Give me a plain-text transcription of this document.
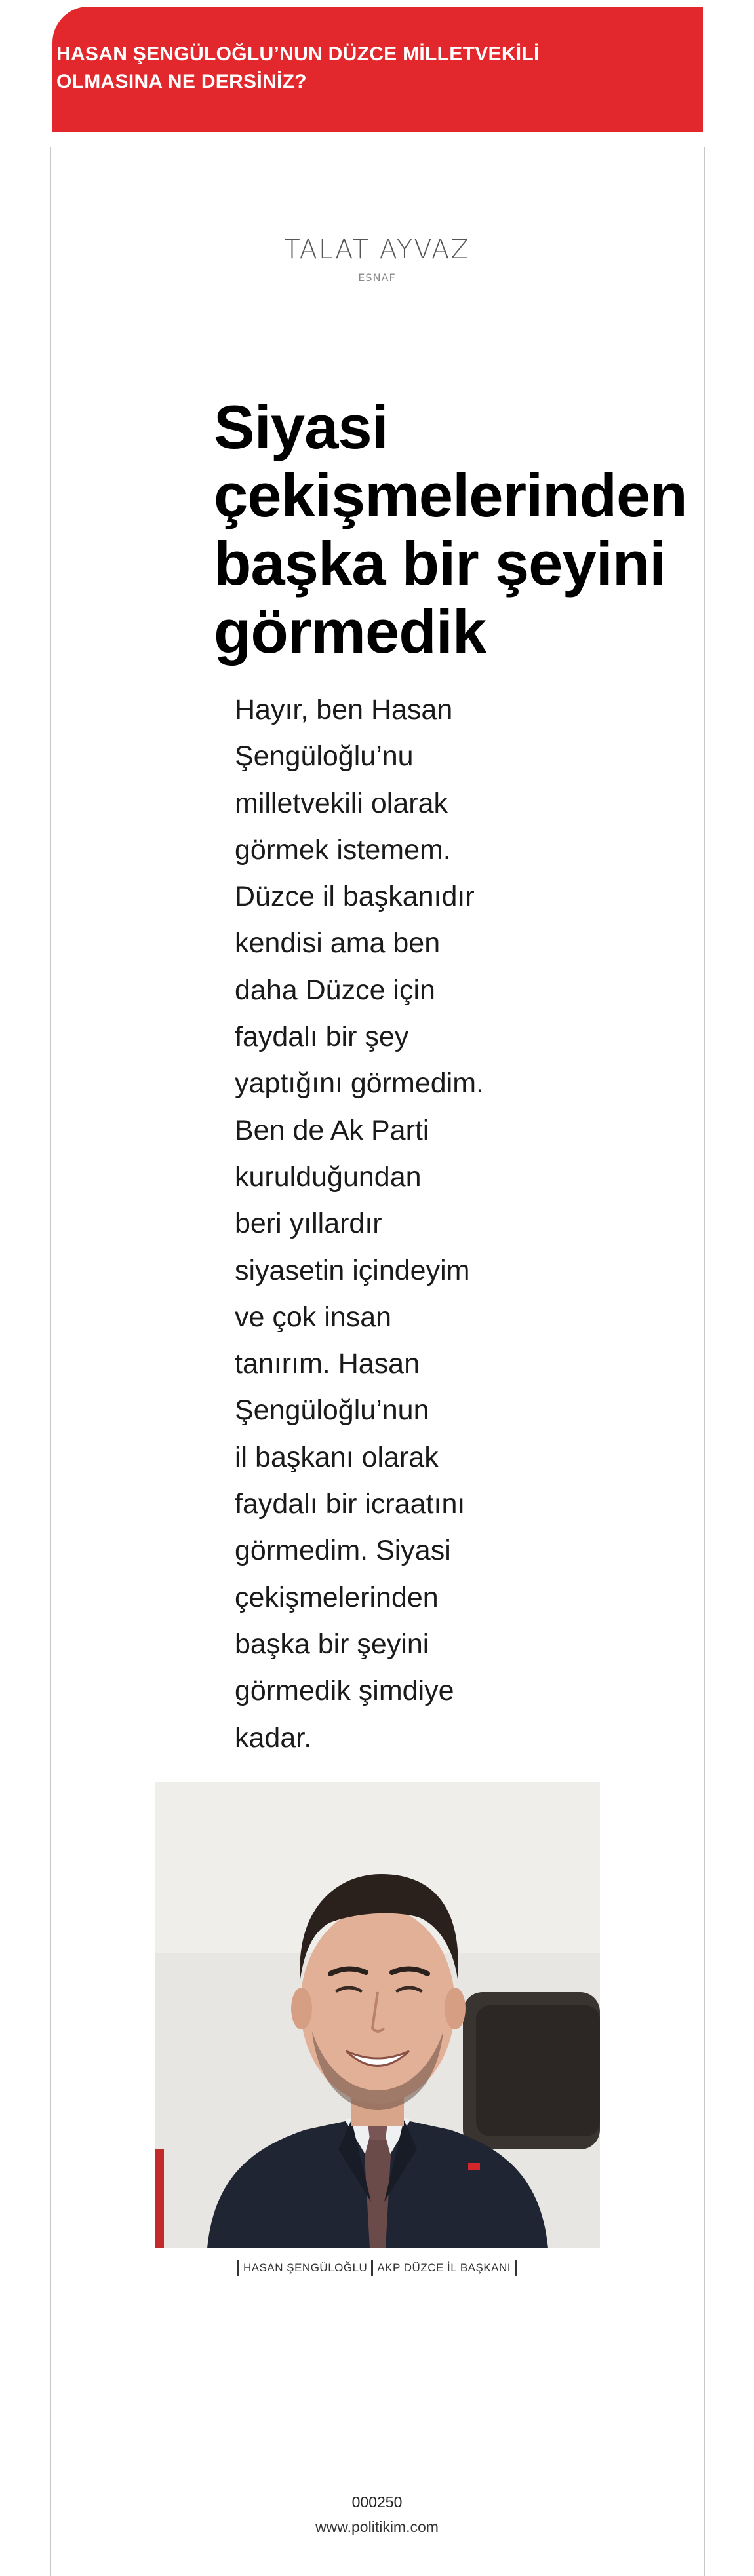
HASAN ŞENGÜLOĞLU’NUN DÜZCE MİLLETVEKİLİ
OLMASINA NE DERSİNİZ?
TALAT AYVAZ
ESNAF
Siyasi
çekişmelerinden
başka bir şeyini
görmedik
Hayır, ben Hasan
Şengüloğlu’nu
milletvekili olarak
görmek istemem.
Düzce il başkanıdır
kendisi ama ben
daha Düzce için
faydalı bir şey
yaptığını görmedim.
Ben de Ak Parti
kurulduğundan
beri yıllardır
siyasetin içindeyim
ve çok insan
tanırım. Hasan
Şengüloğlu’nun
il başkanı olarak
faydalı bir icraatını
görmedim. Siyasi
çekişmelerinden
başka bir şeyini
görmedik şimdiye
kadar.
HASAN ŞENGÜLOĞLU AKP DÜZCE İL BAŞKANI
000250
www.politikim.com
